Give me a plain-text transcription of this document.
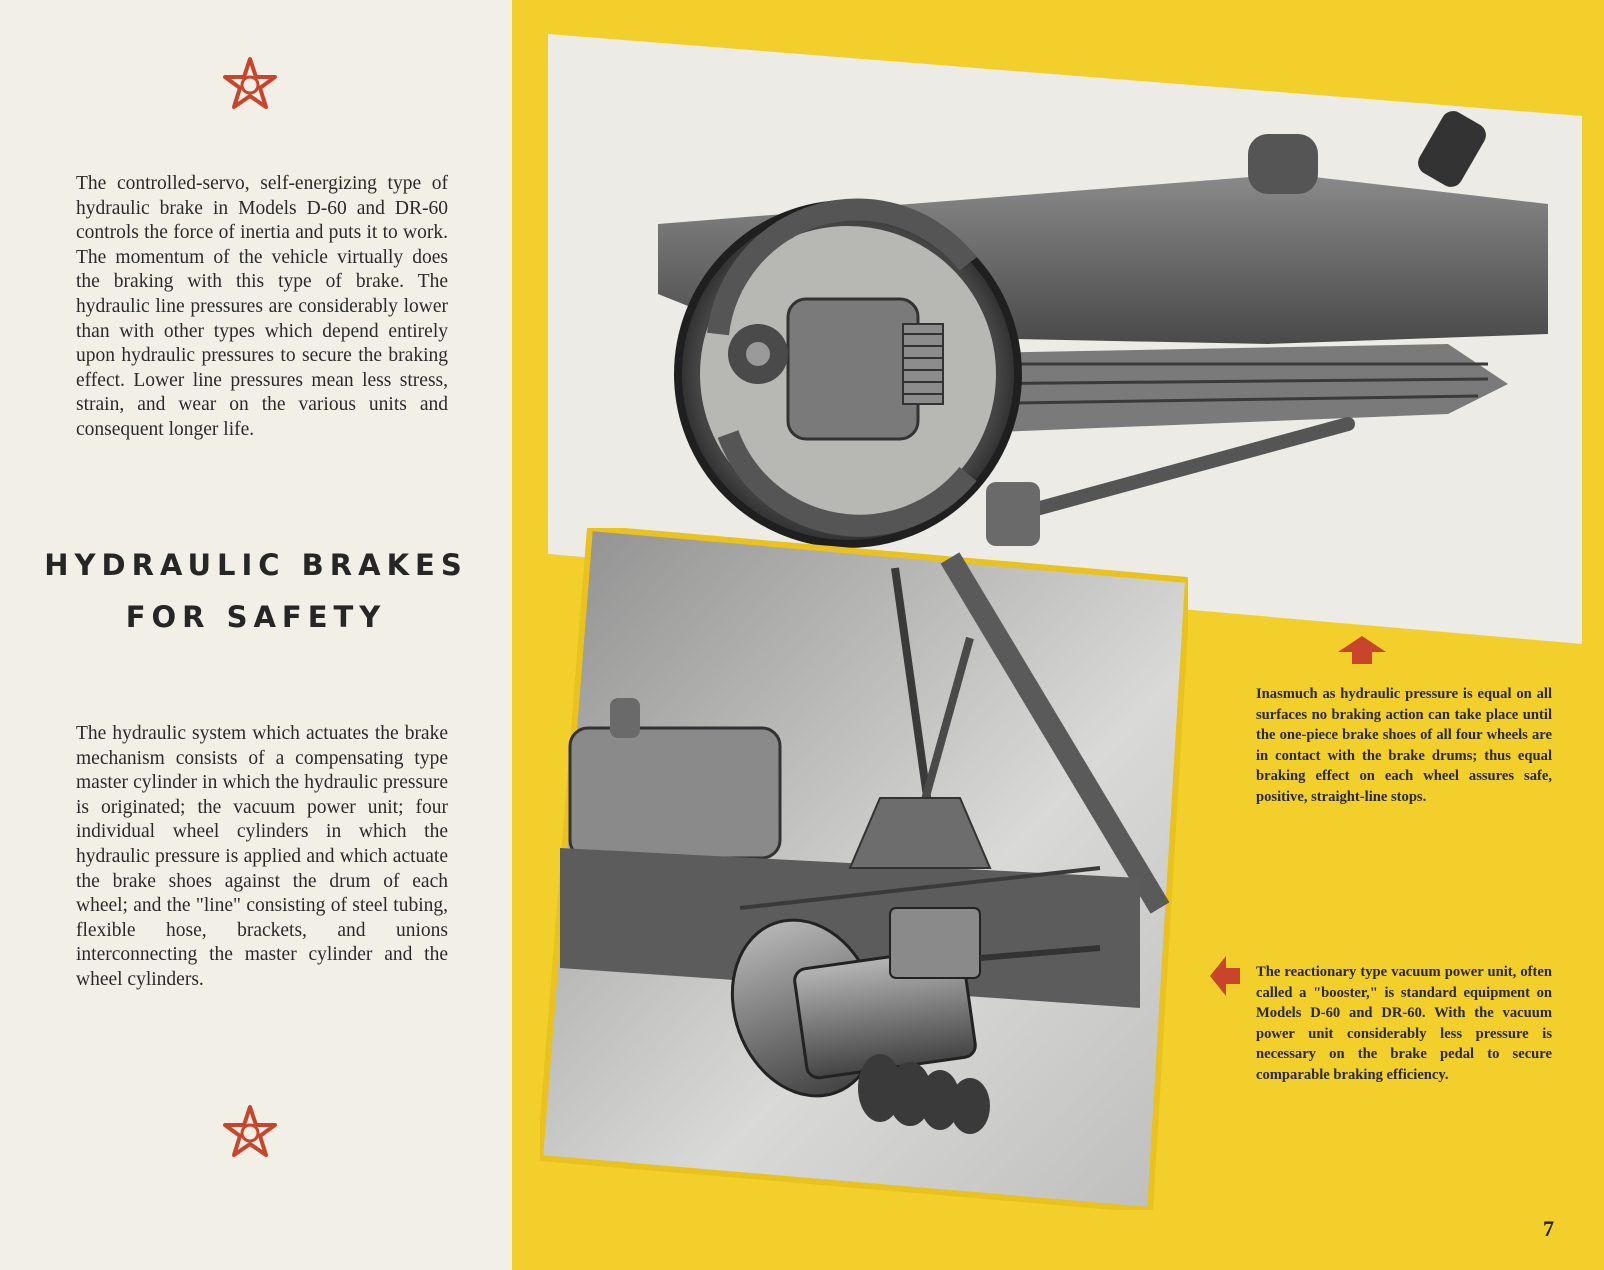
The controlled-servo, self-energizing type of hydraulic brake in Models D-60 and DR-60 controls the force of inertia and puts it to work. The momentum of the vehicle virtually does the braking with this type of brake. The hydraulic line pressures are considerably lower than with other types which depend entirely upon hydraulic pressures to secure the braking effect. Lower line pressures mean less stress, strain, and wear on the various units and consequent longer life.
HYDRAULIC BRAKES
FOR SAFETY
The hydraulic system which actuates the brake mechanism consists of a compensating type master cylinder in which the hydraulic pressure is originated; the vacuum power unit; four individual wheel cylinders in which the hydraulic pressure is applied and which actuate the brake shoes against the drum of each wheel; and the "line" consisting of steel tubing, flexible hose, brackets, and unions interconnecting the master cylinder and the wheel cylinders.
Inasmuch as hydraulic pressure is equal on all surfaces no braking action can take place until the one-piece brake shoes of all four wheels are in contact with the brake drums; thus equal braking effect on each wheel assures safe, positive, straight-line stops.
The reactionary type vacuum power unit, often called a "booster," is standard equipment on Models D-60 and DR-60. With the vacuum power unit considerably less pressure is necessary on the brake pedal to secure comparable braking efficiency.
7
